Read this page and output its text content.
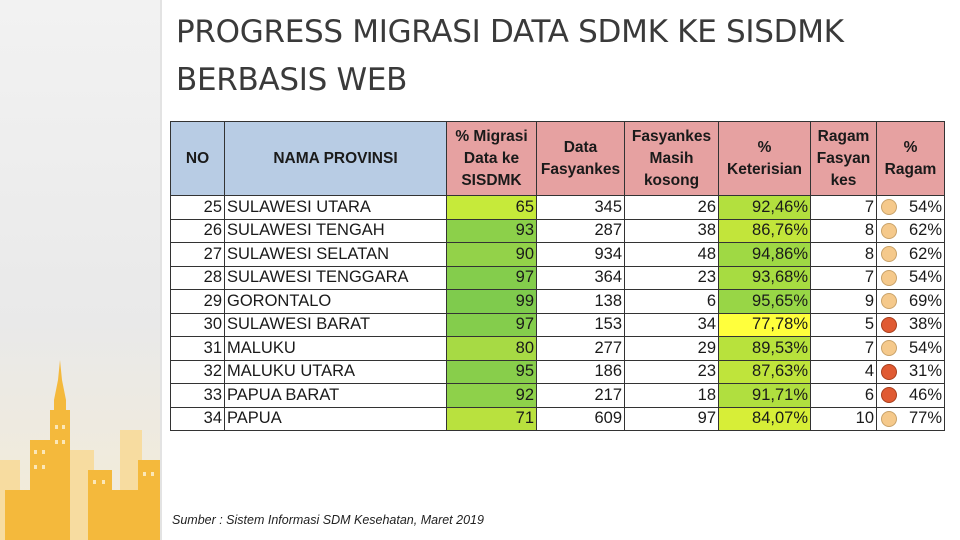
PROGRESS MIGRASI DATA SDMK KE SISDMK BERBASIS WEB
NO	NAMA PROVINSI	% Migrasi Data ke SISDMK	Data Fasyankes	Fasyankes Masih kosong	% Keterisian	Ragam Fasyan kes	% Ragam
25	SULAWESI UTARA	65	345	26	92,46%	7	54%
26	SULAWESI TENGAH	93	287	38	86,76%	8	62%
27	SULAWESI SELATAN	90	934	48	94,86%	8	62%
28	SULAWESI TENGGARA	97	364	23	93,68%	7	54%
29	GORONTALO	99	138	6	95,65%	9	69%
30	SULAWESI BARAT	97	153	34	77,78%	5	38%
31	MALUKU	80	277	29	89,53%	7	54%
32	MALUKU UTARA	95	186	23	87,63%	4	31%
33	PAPUA BARAT	92	217	18	91,71%	6	46%
34	PAPUA	71	609	97	84,07%	10	77%
Sumber : Sistem Informasi SDM Kesehatan, Maret 2019
